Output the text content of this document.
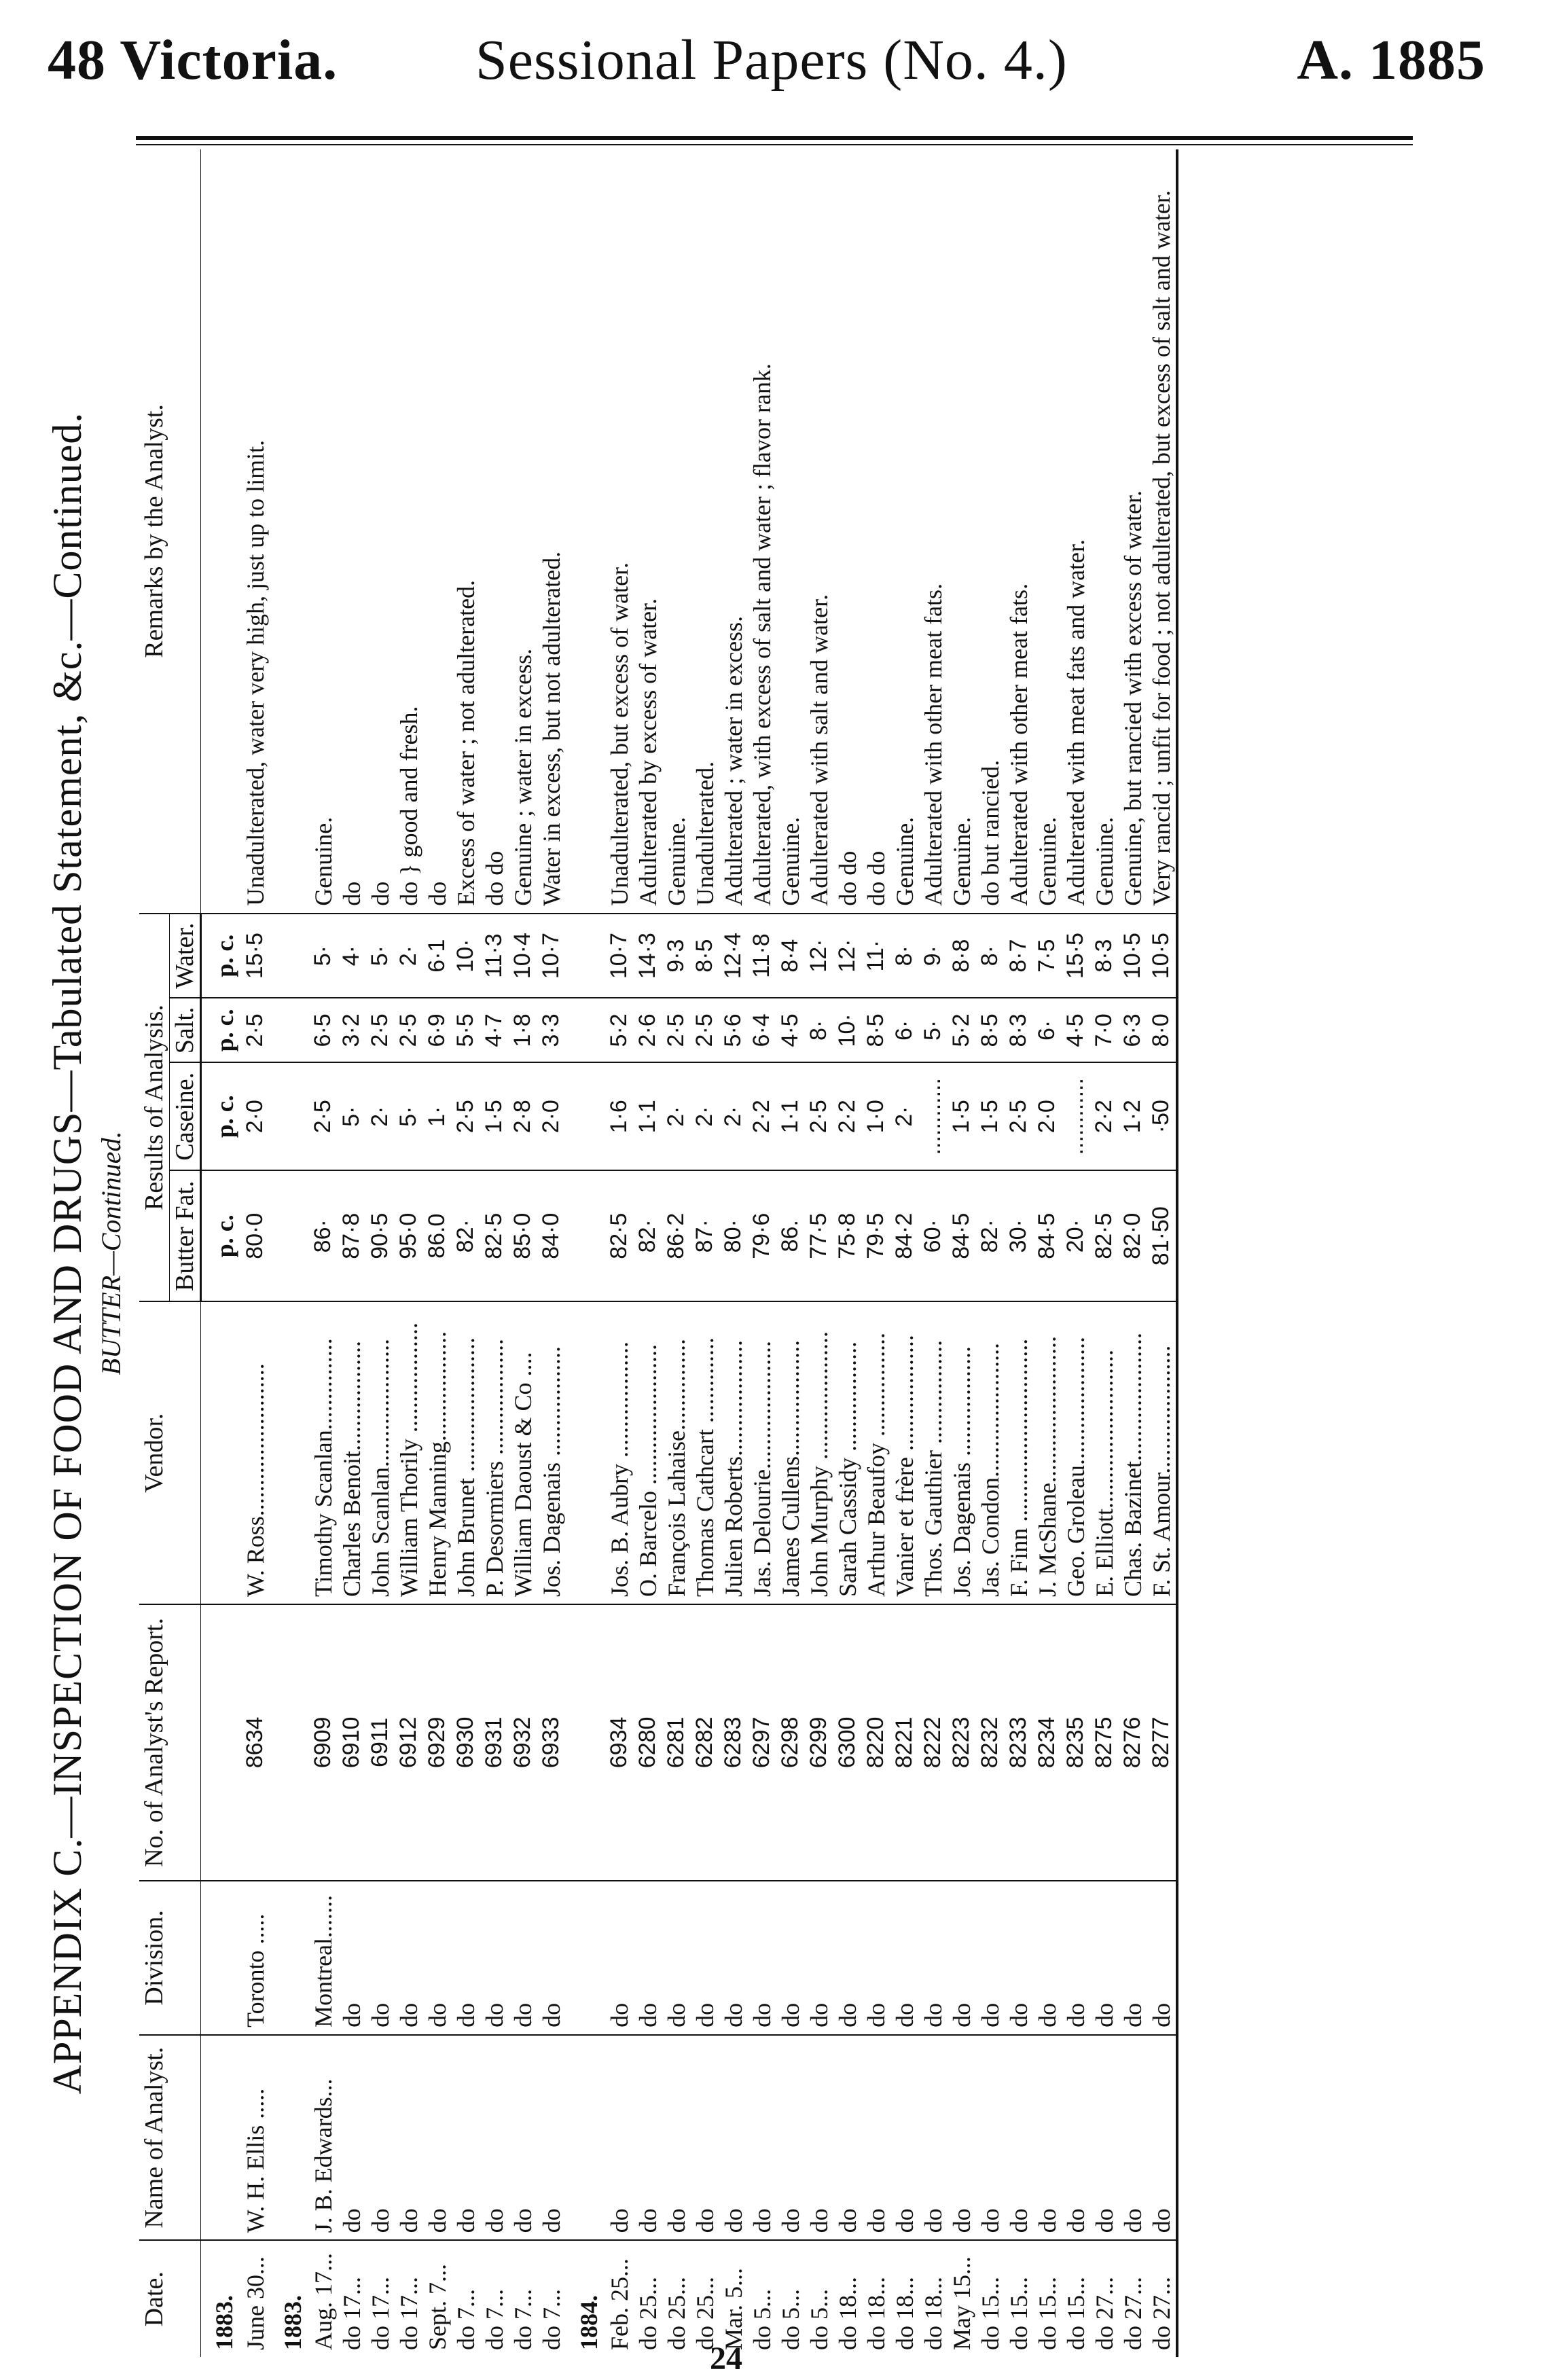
48 Victoria. Sessional Papers (No. 4.)	A. 1885
APPENDIX C.—INSPECTION OF FOOD AND DRUGS—Tabulated Statement, &c.—Continued. BUTTER—Continued.
Date.	Name of Analyst.	Division.	No. of Analyst's Report.	Vendor.	Results of Analysis.				Remarks by the Analyst.
					Butter Fat.	Caseine.	Salt.	Water.	
1883.					p. c.	p. c.	p. c.	p. c.	
June 30...	W. H. Ellis .....	Toronto .....	8634	W. Ross.........................	80·0	2·0	2·5	15·5	Unadulterated, water very high, just up to limit.
1883.									
Aug. 17...	J. B. Edwards...	Montreal.......	6909	Timothy Scanlan...............	86·	2·5	6·5	5·	Genuine.
do 17...	do	do	6910	Charles Benoit..................	87·8	5·	3·2	4·	do
do 17...	do	do	6911	John Scanlan.....................	90·5	2·	2·5	5·	do
do 17...	do	do	6912	William Thorily ..................	95·0	5·	2·5	2·	do } good and fresh.
Sept. 7...	do	do	6929	Henry Manning..................	86.0	1·	6·9	6·1	do
do 7...	do	do	6930	John Brunet ......................	82·	2·5	5·5	10·	Excess of water ; not adulterated.
do 7...	do	do	6931	P. Desormiers ...................	82·5	1·5	4·7	11·3	do do
do 7...	do	do	6932	William Daoust & Co ....	85·0	2·8	1·8	10·4	Genuine ; water in excess.
do 7...	do	do	6933	Jos. Dagenais ..................	84·0	2·0	3·3	10·7	Water in excess, but not adulterated.
1884.									
Feb. 25...	do	do	6934	Jos. B. Aubry ...................	82·5	1·6	5·2	10·7	Unadulterated, but excess of water.
do 25...	do	do	6280	O. Barcelo .......................	82·	1·1	2·6	14·3	Adulterated by excess of water.
do 25...	do	do	6281	François Lahaise...............	86·2	2·	2·5	9·3	Genuine.
do 25...	do	do	6282	Thomas Cathcart ..............	87·	2·	2·5	8·5	Unadulterated.
Mar. 5...	do	do	6283	Julien Roberts...................	80·	2·	5·6	12·4	Adulterated ; water in excess.
do 5...	do	do	6297	Jas. Delourie.....................	79·6	2·2	6·4	11·8	Adulterated, with excess of salt and water ; flavor rank.
do 5...	do	do	6298	James Cullens...................	86.	1·1	4·5	8·4	Genuine.
do 5...	do	do	6299	John Murphy .....................	77·5	2·5	8·	12·	Adulterated with salt and water.
do 18...	do	do	6300	Sarah Cassidy ..................	75·8	2·2	10·	12·	do do
do 18...	do	do	8220	Arthur Beaufoy .................	79·5	1·0	8·5	11·	do do
do 18...	do	do	8221	Vanier et frère ...................	84·2	2·	6·	8·	Genuine.
do 18...	do	do	8222	Thos. Gauthier .................	60·	............	5·	9·	Adulterated with other meat fats.
May 15...	do	do	8223	Jos. Dagenais ..................	84·5	1·5	5·2	8·8	Genuine.
do 15...	do	do	8232	Jas. Condon......................	82·	1·5	8·5	8·	do but rancied.
do 15...	do	do	8233	F. Finn ..............................	30·	2·5	8·3	8·7	Adulterated with other meat fats.
do 15...	do	do	8234	J. McShane........................	84·5	2·0	6·	7·5	Genuine.
do 15...	do	do	8235	Geo. Groleau.....................	20·	............	4·5	15·5	Adulterated with meat fats and water.
do 27...	do	do	8275	E. Elliott..........................	82·5	2·2	7·0	8·3	Genuine.
do 27...	do	do	8276	Chas. Bazinet.....................	82·0	1·2	6·3	10·5	Genuine, but rancied with excess of water.
do 27...	do	do	8277	F. St. Amour.....................	81·50	·50	8·0	10·5	Very rancid ; unfit for food ; not adulterated, but excess of salt and water.

24
